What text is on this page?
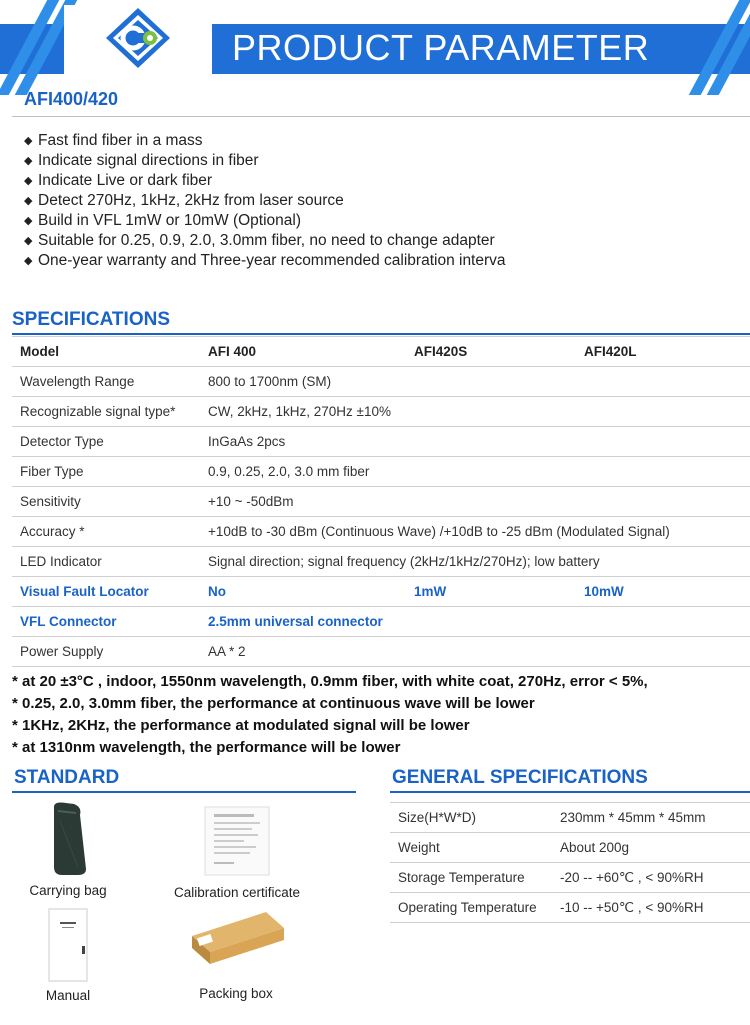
PRODUCT PARAMETER
AFI400/420
◆ Fast find fiber in a mass
◆ Indicate signal directions in fiber
◆ Indicate Live or dark fiber
◆ Detect 270Hz, 1kHz, 2kHz from laser source
◆ Build in VFL 1mW or 10mW (Optional)
◆ Suitable for 0.25, 0.9, 2.0, 3.0mm fiber, no need to change adapter
◆ One-year warranty and Three-year recommended calibration interva
SPECIFICATIONS
Model	AFI 400	AFI420S	AFI420L
Wavelength Range	800 to 1700nm (SM)		
Recognizable signal type*	CW, 2kHz, 1kHz, 270Hz ±10%		
Detector Type	InGaAs 2pcs		
Fiber Type	0.9, 0.25, 2.0, 3.0 mm fiber		
Sensitivity	+10 ~ -50dBm		
Accuracy *	+10dB to -30 dBm (Continuous Wave) /+10dB to -25 dBm (Modulated Signal)		
LED Indicator	Signal direction; signal frequency (2kHz/1kHz/270Hz); low battery		
Visual Fault Locator	No	1mW	10mW
VFL Connector	2.5mm universal connector		
Power Supply	AA * 2		
* at 20 ±3°C , indoor, 1550nm wavelength, 0.9mm fiber, with white coat, 270Hz, error < 5%,
* 0.25, 2.0, 3.0mm fiber, the performance at continuous wave will be lower
* 1KHz, 2KHz, the performance at modulated signal will be lower
* at 1310nm wavelength, the performance will be lower
STANDARD
Carrying bag	Calibration certificate
Manual	Packing box
GENERAL SPECIFICATIONS
Size(H*W*D)	230mm * 45mm * 45mm
Weight	About 200g
Storage Temperature	-20 -- +60℃ , < 90%RH
Operating Temperature	-10 -- +50℃ , < 90%RH
